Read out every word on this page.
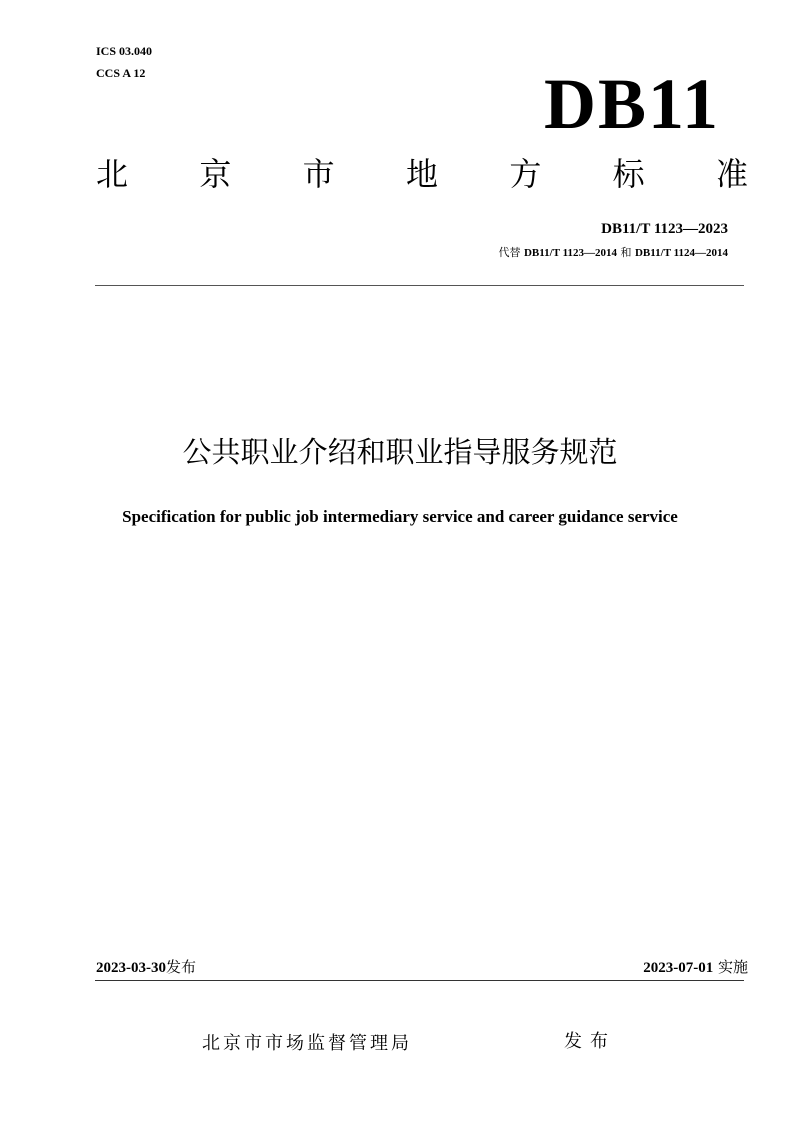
ICS 03.040
CCS A 12	DB11
北 京 市 地 方 标 准
DB11/T 1123—2023
代替 DB11/T 1123—2014 和 DB11/T 1124—2014
公共职业介绍和职业指导服务规范
Specification for public job intermediary service and career guidance service
2023-03-30发布	2023-07-01 实施
北京市市场监督管理局	发布
